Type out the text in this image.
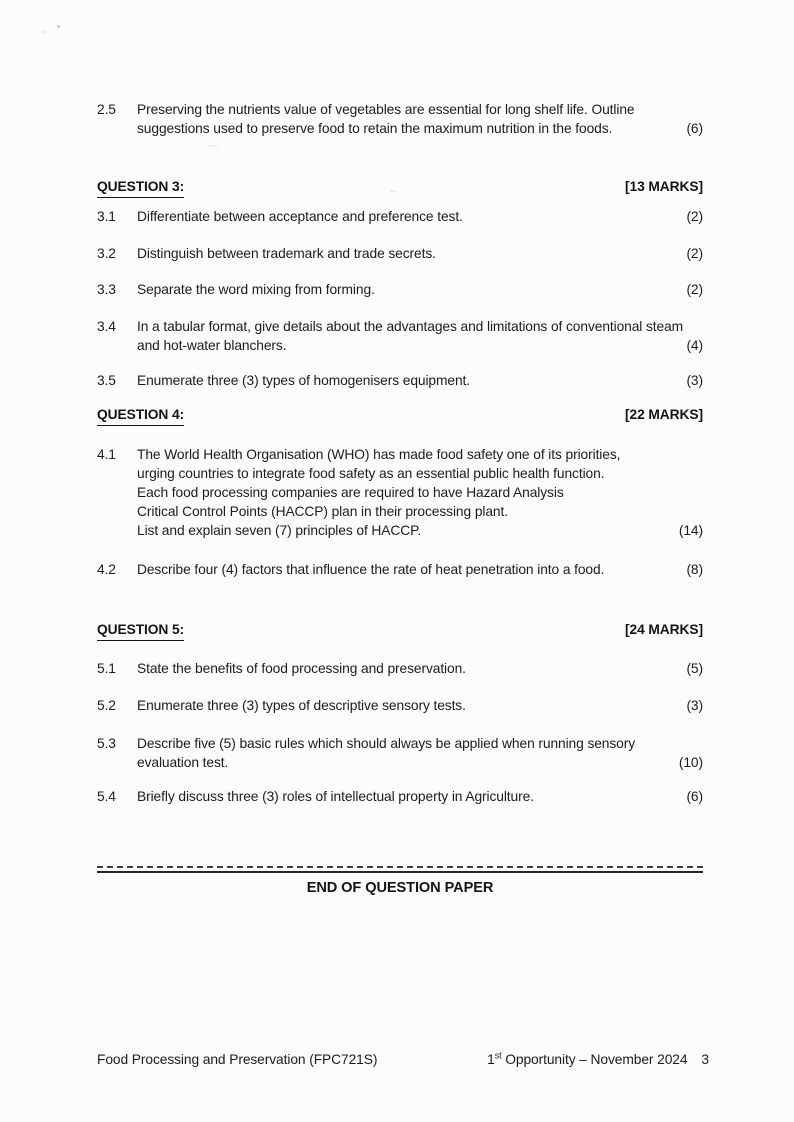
2.5	Preserving the nutrients value of vegetables are essential for long shelf life. Outline
suggestions used to preserve food to retain the maximum nutrition in the foods.	(6)
QUESTION 3:	[13 MARKS]
3.1	Differentiate between acceptance and preference test.	(2)
3.2	Distinguish between trademark and trade secrets.	(2)
3.3	Separate the word mixing from forming.	(2)
3.4	In a tabular format, give details about the advantages and limitations of conventional steam
and hot-water blanchers.	(4)
3.5	Enumerate three (3) types of homogenisers equipment.	(3)
QUESTION 4:	[22 MARKS]
4.1	The World Health Organisation (WHO) has made food safety one of its priorities,
urging countries to integrate food safety as an essential public health function.
Each food processing companies are required to have Hazard Analysis
Critical Control Points (HACCP) plan in their processing plant.
List and explain seven (7) principles of HACCP.	(14)
4.2	Describe four (4) factors that influence the rate of heat penetration into a food.	(8)
QUESTION 5:	[24 MARKS]
5.1	State the benefits of food processing and preservation.	(5)
5.2	Enumerate three (3) types of descriptive sensory tests.	(3)
5.3	Describe five (5) basic rules which should always be applied when running sensory
evaluation test.	(10)
5.4	Briefly discuss three (3) roles of intellectual property in Agriculture.	(6)
END OF QUESTION PAPER
Food Processing and Preservation (FPC721S)	1st Opportunity – November 2024 3
